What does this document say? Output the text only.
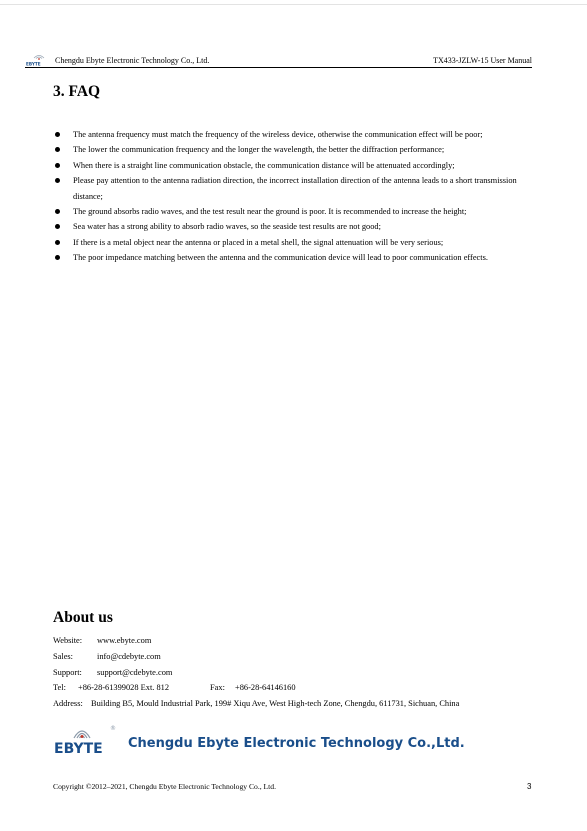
EBYTE Chengdu Ebyte Electronic Technology Co., Ltd.	TX433-JZLW-15 User Manual
3. FAQ
The antenna frequency must match the frequency of the wireless device, otherwise the communication effect will be poor;
The lower the communication frequency and the longer the wavelength, the better the diffraction performance;
When there is a straight line communication obstacle, the communication distance will be attenuated accordingly;
Please pay attention to the antenna radiation direction, the incorrect installation direction of the antenna leads to a short transmission distance;
The ground absorbs radio waves, and the test result near the ground is poor. It is recommended to increase the height;
Sea water has a strong ability to absorb radio waves, so the seaside test results are not good;
If there is a metal object near the antenna or placed in a metal shell, the signal attenuation will be very serious;
The poor impedance matching between the antenna and the communication device will lead to poor communication effects.
About us
Website: www.ebyte.com
Sales:	info@cdebyte.com
Support: support@cdebyte.com
Tel: +86-28-61399028 Ext. 812	Fax: +86-28-64146160
Address: Building B5, Mould Industrial Park, 199# Xiqu Ave, West High-tech Zone, Chengdu, 611731, Sichuan, China
®
EBYTE Chengdu Ebyte Electronic Technology Co.,Ltd.
Copyright ©2012–2021, Chengdu Ebyte Electronic Technology Co., Ltd.	3
